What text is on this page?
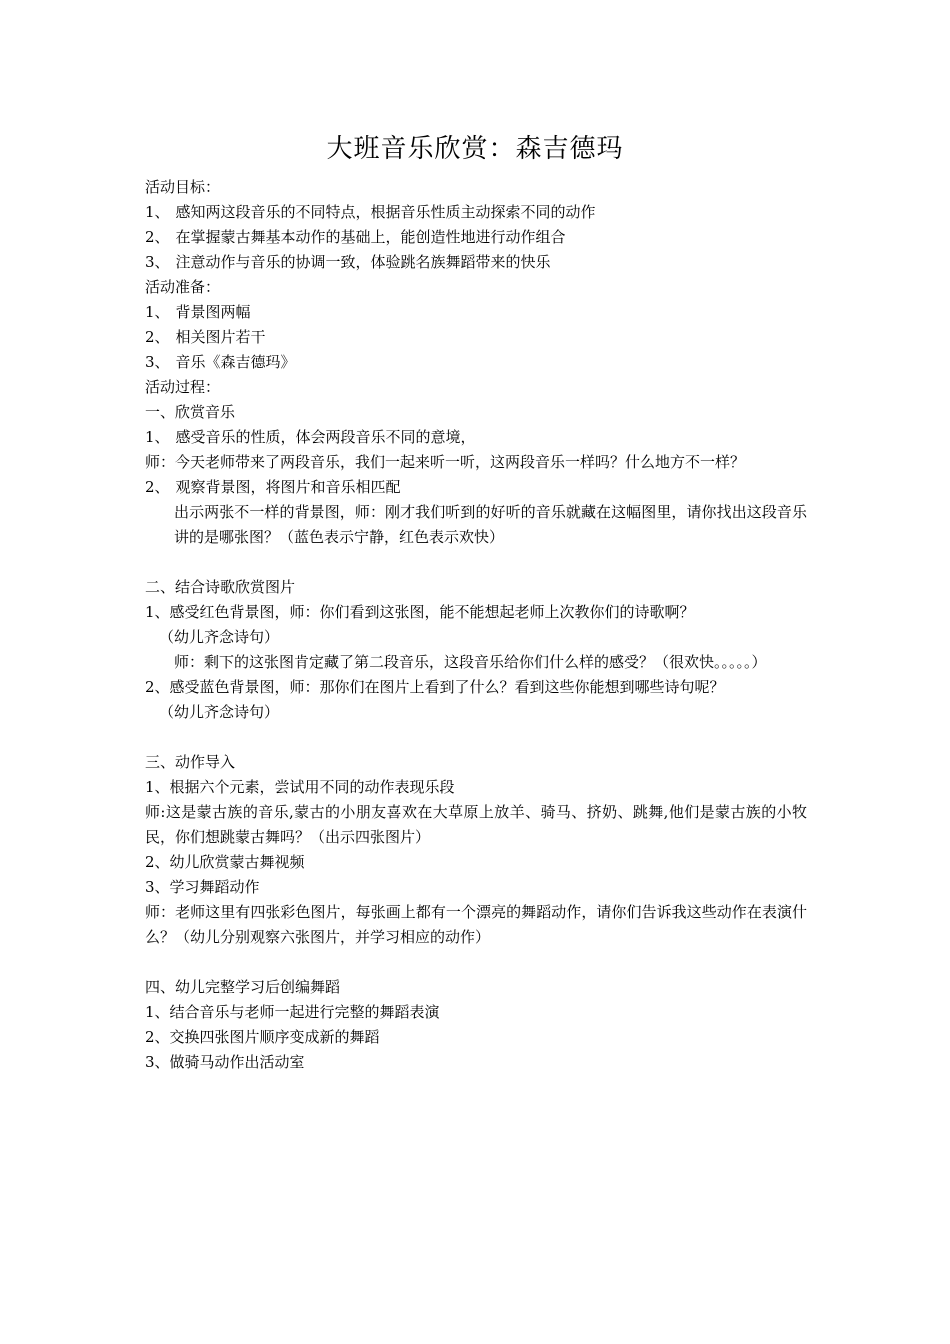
大班音乐欣赏：森吉德玛
活动目标：
1、 感知两这段音乐的不同特点，根据音乐性质主动探索不同的动作
2、 在掌握蒙古舞基本动作的基础上，能创造性地进行动作组合
3、 注意动作与音乐的协调一致，体验跳名族舞蹈带来的快乐
活动准备：
1、 背景图两幅
2、 相关图片若干
3、 音乐《森吉德玛》
活动过程：
一、欣赏音乐
1、 感受音乐的性质，体会两段音乐不同的意境，
师：今天老师带来了两段音乐，我们一起来听一听，这两段音乐一样吗？什么地方不一样？
2、 观察背景图，将图片和音乐相匹配
出示两张不一样的背景图，师：刚才我们听到的好听的音乐就藏在这幅图里，请你找出这段音乐讲的是哪张图？（蓝色表示宁静，红色表示欢快）
二、结合诗歌欣赏图片
1、感受红色背景图，师：你们看到这张图，能不能想起老师上次教你们的诗歌啊？
（幼儿齐念诗句）
师：剩下的这张图肯定藏了第二段音乐，这段音乐给你们什么样的感受？（很欢快。。。。。）
2、感受蓝色背景图，师：那你们在图片上看到了什么？看到这些你能想到哪些诗句呢？
（幼儿齐念诗句）
三、动作导入
1、根据六个元素，尝试用不同的动作表现乐段
师:这是蒙古族的音乐,蒙古的小朋友喜欢在大草原上放羊、骑马、挤奶、跳舞,他们是蒙古族的小牧民，你们想跳蒙古舞吗？（出示四张图片）
2、幼儿欣赏蒙古舞视频
3、学习舞蹈动作
师：老师这里有四张彩色图片，每张画上都有一个漂亮的舞蹈动作，请你们告诉我这些动作在表演什么？（幼儿分别观察六张图片，并学习相应的动作）
四、幼儿完整学习后创编舞蹈
1、结合音乐与老师一起进行完整的舞蹈表演
2、交换四张图片顺序变成新的舞蹈
3、做骑马动作出活动室
